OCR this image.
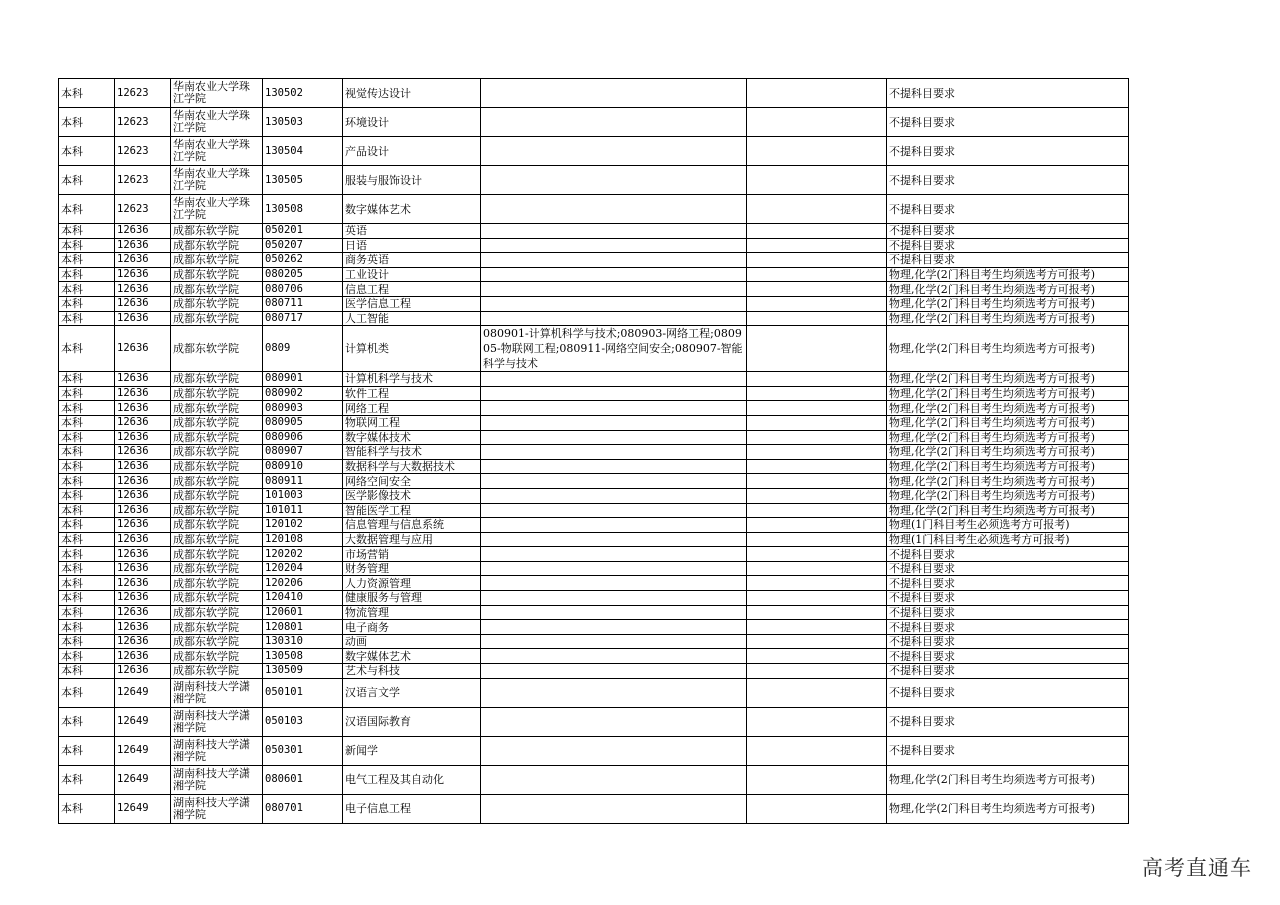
本科	12623	华南农业大学珠江学院	130502	视觉传达设计			不提科目要求
本科	12623	华南农业大学珠江学院	130503	环境设计			不提科目要求
本科	12623	华南农业大学珠江学院	130504	产品设计			不提科目要求
本科	12623	华南农业大学珠江学院	130505	服装与服饰设计			不提科目要求
本科	12623	华南农业大学珠江学院	130508	数字媒体艺术			不提科目要求
本科	12636	成都东软学院	050201	英语			不提科目要求
本科	12636	成都东软学院	050207	日语			不提科目要求
本科	12636	成都东软学院	050262	商务英语			不提科目要求
本科	12636	成都东软学院	080205	工业设计			物理,化学(2门科目考生均须选考方可报考)
本科	12636	成都东软学院	080706	信息工程			物理,化学(2门科目考生均须选考方可报考)
本科	12636	成都东软学院	080711	医学信息工程			物理,化学(2门科目考生均须选考方可报考)
本科	12636	成都东软学院	080717	人工智能			物理,化学(2门科目考生均须选考方可报考)
本科	12636	成都东软学院	0809	计算机类	080901-计算机科学与技术;080903-网络工程;080905-物联网工程;080911-网络空间安全;080907-智能科学与技术		物理,化学(2门科目考生均须选考方可报考)
本科	12636	成都东软学院	080901	计算机科学与技术			物理,化学(2门科目考生均须选考方可报考)
本科	12636	成都东软学院	080902	软件工程			物理,化学(2门科目考生均须选考方可报考)
本科	12636	成都东软学院	080903	网络工程			物理,化学(2门科目考生均须选考方可报考)
本科	12636	成都东软学院	080905	物联网工程			物理,化学(2门科目考生均须选考方可报考)
本科	12636	成都东软学院	080906	数字媒体技术			物理,化学(2门科目考生均须选考方可报考)
本科	12636	成都东软学院	080907	智能科学与技术			物理,化学(2门科目考生均须选考方可报考)
本科	12636	成都东软学院	080910	数据科学与大数据技术			物理,化学(2门科目考生均须选考方可报考)
本科	12636	成都东软学院	080911	网络空间安全			物理,化学(2门科目考生均须选考方可报考)
本科	12636	成都东软学院	101003	医学影像技术			物理,化学(2门科目考生均须选考方可报考)
本科	12636	成都东软学院	101011	智能医学工程			物理,化学(2门科目考生均须选考方可报考)
本科	12636	成都东软学院	120102	信息管理与信息系统			物理(1门科目考生必须选考方可报考)
本科	12636	成都东软学院	120108	大数据管理与应用			物理(1门科目考生必须选考方可报考)
本科	12636	成都东软学院	120202	市场营销			不提科目要求
本科	12636	成都东软学院	120204	财务管理			不提科目要求
本科	12636	成都东软学院	120206	人力资源管理			不提科目要求
本科	12636	成都东软学院	120410	健康服务与管理			不提科目要求
本科	12636	成都东软学院	120601	物流管理			不提科目要求
本科	12636	成都东软学院	120801	电子商务			不提科目要求
本科	12636	成都东软学院	130310	动画			不提科目要求
本科	12636	成都东软学院	130508	数字媒体艺术			不提科目要求
本科	12636	成都东软学院	130509	艺术与科技			不提科目要求
本科	12649	湖南科技大学潇湘学院	050101	汉语言文学			不提科目要求
本科	12649	湖南科技大学潇湘学院	050103	汉语国际教育			不提科目要求
本科	12649	湖南科技大学潇湘学院	050301	新闻学			不提科目要求
本科	12649	湖南科技大学潇湘学院	080601	电气工程及其自动化			物理,化学(2门科目考生均须选考方可报考)
本科	12649	湖南科技大学潇湘学院	080701	电子信息工程			物理,化学(2门科目考生均须选考方可报考)
高考直通车
